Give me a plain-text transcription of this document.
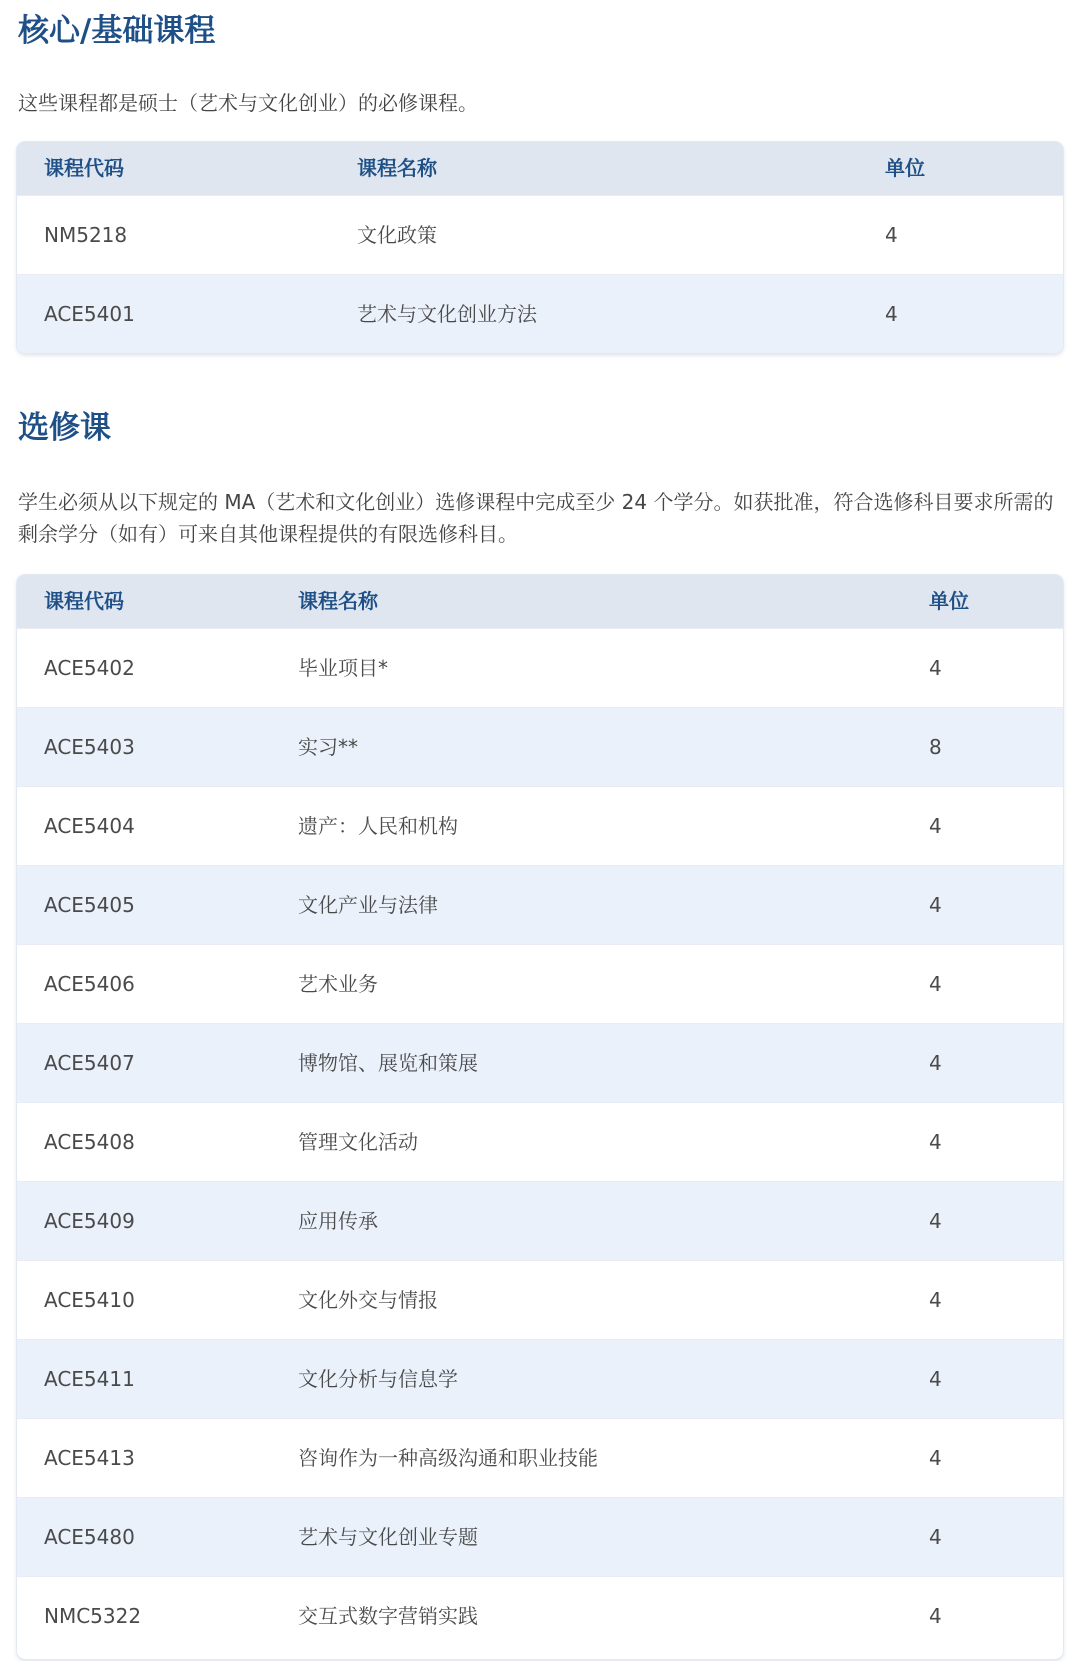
核心/基础课程

这些课程都是硕士（艺术与文化创业）的必修课程。

课程代码	课程名称	单位
NM5218	文化政策	4
ACE5401	艺术与文化创业方法	4
选修课

学生必须从以下规定的 MA（艺术和文化创业）选修课程中完成至少 24 个学分。如获批准，符合选修科目要求所需的剩余学分（如有）可来自其他课程提供的有限选修科目。

课程代码	课程名称	单位
ACE5402	毕业项目*	4
ACE5403	实习**	8
ACE5404	遗产：人民和机构	4
ACE5405	文化产业与法律	4
ACE5406	艺术业务	4
ACE5407	博物馆、展览和策展	4
ACE5408	管理文化活动	4
ACE5409	应用传承	4
ACE5410	文化外交与情报	4
ACE5411	文化分析与信息学	4
ACE5413	咨询作为一种高级沟通和职业技能	4
ACE5480	艺术与文化创业专题	4
NMC5322	交互式数字营销实践	4
